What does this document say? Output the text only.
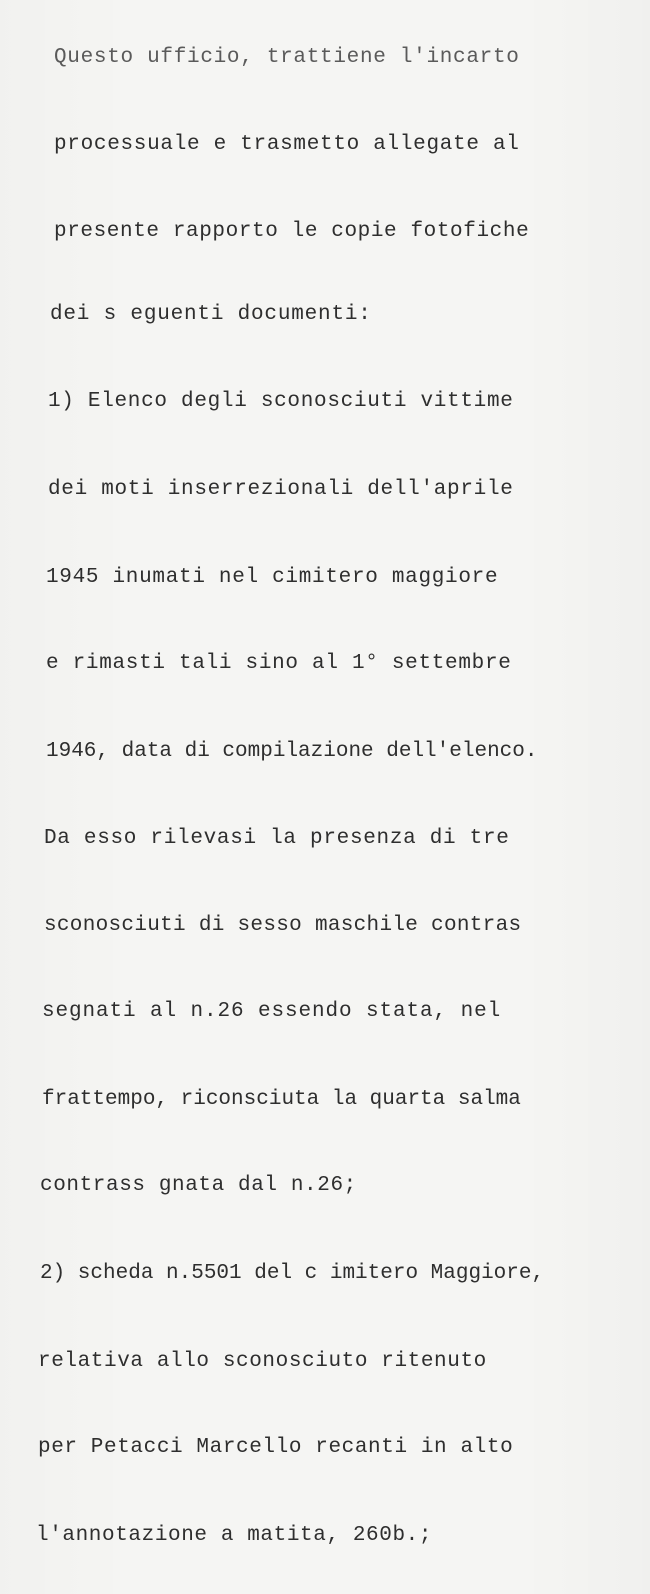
Questo ufficio, trattiene l'incarto
processuale e trasmetto allegate al
presente rapporto le copie fotofiche
dei s eguenti documenti:
1) Elenco degli sconosciuti vittime
dei moti inserrezionali dell'aprile
1945 inumati nel cimitero maggiore
e rimasti tali sino al 1° settembre
1946, data di compilazione dell'elenco.
Da esso rilevasi la presenza di tre
sconosciuti di sesso maschile contras
segnati al n.26 essendo stata, nel
frattempo, riconsciuta la quarta salma
contrass gnata dal n.26;
2) scheda n.5501 del c imitero Maggiore,
relativa allo sconosciuto ritenuto
per Petacci Marcello recanti in alto
l'annotazione a matita, 260b.;
